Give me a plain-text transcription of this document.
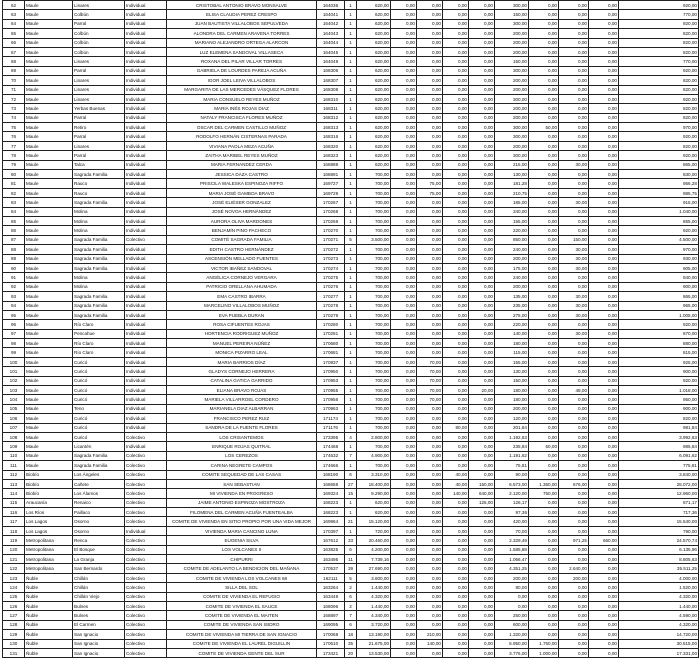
62	Maule	Linares	Individual	CRISTOBAL ANTONIO BRAVO MONSALVE	164036	1	620,00	0,00	0,00	0,00	0,00	300,00	0,00	0,00	0,00	920,00
63	Maule	Colbún	Individual	ELISA CLAUDIA PEREZ CRESPO	164041	1	620,00	0,00	0,00	0,00	0,00	150,00	0,00	0,00	0,00	770,00
64	Maule	Parral	Individual	JUAN BAUTISTA VILLALOBOS SEPULVEDA	164042	1	620,00	0,00	0,00	0,00	0,00	300,00	0,00	0,00	0,00	920,00
65	Maule	Colbún	Individual	ALONDRA DEL CARMEN ARAVENA TORRES	164043	1	620,00	0,00	0,00	0,00	0,00	200,00	0,00	0,00	0,00	820,00
66	Maule	Colbún	Individual	MARIANO ALEJANDRO ORTEGA ALARCON	164044	1	620,00	0,00	0,00	0,00	0,00	200,00	0,00	0,00	0,00	820,00
67	Maule	Colbún	Individual	LUZ ELEMENA SANDOVAL VILLASECA	164045	1	620,00	0,00	0,00	0,00	0,00	200,00	0,00	0,00	0,00	820,00
68	Maule	Linares	Individual	ROXANA DEL PILAR VILLAR TORRES	164049	1	620,00	0,00	0,00	0,00	0,00	150,00	0,00	0,00	0,00	770,00
69	Maule	Parral	Individual	GABRIELA DE LOURDES PAREJA ACUÑA	168306	1	620,00	0,00	0,00	0,00	0,00	300,00	0,00	0,00	0,00	920,00
70	Maule	Linares	Individual	IGOR JOEL LEIVA VILLALOBOS	168307	1	620,00	0,00	0,00	0,00	0,00	200,00	0,00	0,00	0,00	820,00
71	Maule	Linares	Individual	MARGARITA DE LAS MERCEDES VÁSQUEZ FLORES	168308	1	620,00	0,00	0,00	0,00	0,00	200,00	0,00	0,00	0,00	820,00
72	Maule	Linares	Individual	MARIA CONSUELO REYES MUÑOZ	168310	1	620,00	0,00	0,00	0,00	0,00	300,00	0,00	0,00	0,00	920,00
73	Maule	Yerbas Buenas	Individual	MARIA INÉS ROJAS DIAZ	168311	1	620,00	0,00	0,00	0,00	0,00	200,00	0,00	0,00	0,00	820,00
74	Maule	Parral	Individual	NATALY FRANCISCA FLORES MUÑOZ	168312	1	620,00	0,00	0,00	0,00	0,00	200,00	0,00	0,00	0,00	820,00
75	Maule	Retiro	Individual	OSCAR DEL CARMEN CASTILLO MUÑOZ	168313	1	620,00	0,00	0,00	0,00	0,00	300,00	50,00	0,00	0,00	970,00
76	Maule	Parral	Individual	RODOLFO HERNÁN CISTERNAS PARADA	168316	1	620,00	0,00	0,00	0,00	0,00	300,00	0,00	0,00	0,00	920,00
77	Maule	Linares	Individual	VIVIANA PAOLA MEZA ACUÑA	168320	1	620,00	0,00	0,00	0,00	0,00	200,00	0,00	0,00	0,00	820,00
78	Maule	Parral	Individual	ZAITHA MARIBEL REYES MUÑOZ	168323	1	620,00	0,00	0,00	0,00	0,00	300,00	0,00	0,00	0,00	920,00
79	Maule	Talca	Individual	MARIA FERNANDEZ CERDA	168889	1	620,00	0,00	0,00	0,00	0,00	215,00	0,00	30,00	0,00	865,00
80	Maule	Sagrada Familia	Individual	JESSICA DAZA CASTRO	168891	1	700,00	0,00	0,00	0,00	0,00	130,00	0,00	0,00	0,00	830,00
81	Maule	Rauco	Individual	PRISCILA WALESKA ESPINOZA RIFFO	169727	1	700,00	0,00	75,00	0,00	0,00	181,28	0,00	0,00	0,00	956,28
82	Maule	Rauco	Individual	MARIA JOSÉ GAMBOA BRAVO	169729	1	700,00	0,00	75,00	0,00	0,00	210,75	0,00	0,00	0,00	985,75
83	Maule	Sagrada Familia	Individual	JOSÉ ELIÉSER GONZALEZ	170267	1	700,00	0,00	0,00	0,00	0,00	185,00	0,00	30,00	0,00	915,00
84	Maule	Molina	Individual	JOSÉ NOVOA HERNÁNDEZ	170268	1	700,00	0,00	0,00	0,00	0,00	340,00	0,00	0,00	0,00	1.040,00
85	Maule	Molina	Individual	AURORA OLIVA MARDONES	170269	1	700,00	0,00	0,00	0,00	0,00	155,00	0,00	0,00	0,00	855,00
86	Maule	Molina	Individual	BENJAMÍN PINO PACHECO	170270	1	700,00	0,00	0,00	0,00	0,00	220,00	0,00	0,00	0,00	920,00
87	Maule	Sagrada Familia	Colectivo	COMITÉ SAGRADA FAMILIA	170271	5	3.500,00	0,00	0,00	0,00	0,00	850,00	0,00	150,00	0,00	4.500,00
88	Maule	Sagrada Familia	Individual	EDITH CASTRO HERNÁNDEZ	170272	1	700,00	0,00	0,00	0,00	0,00	240,00	0,00	30,00	0,00	970,00
89	Maule	Sagrada Familia	Individual	ASCENSIÓN MELLADO FUENTES	170273	1	700,00	0,00	0,00	0,00	0,00	200,00	0,00	30,00	0,00	930,00
90	Maule	Sagrada Familia	Individual	VICTOR IBAÑEZ SANDOVAL	170274	1	700,00	0,00	0,00	0,00	0,00	175,00	0,00	30,00	0,00	905,00
91	Maule	Molina	Individual	ANGÉLICA CORNEJO VERGARA	170275	1	700,00	0,00	0,00	0,00	0,00	240,00	0,00	0,00	0,00	940,00
92	Maule	Molina	Individual	PATRICIO ORELLANA AHUMADA	170276	1	700,00	0,00	0,00	0,00	0,00	200,00	0,00	0,00	0,00	900,00
93	Maule	Sagrada Familia	Individual	EMA CASTRO IBARRA	170277	1	700,00	0,00	0,00	0,00	0,00	135,00	0,00	30,00	0,00	865,00
94	Maule	Sagrada Familia	Individual	MARCELINO VILLALOBOS MUÑOZ	170278	1	700,00	0,00	0,00	0,00	0,00	235,00	0,00	30,00	0,00	965,00
95	Maule	Sagrada Familia	Individual	EVA PUEBLA DURAN	170279	1	700,00	0,00	0,00	0,00	0,00	275,00	0,00	30,00	0,00	1.005,00
96	Maule	Río Claro	Individual	ROSA CIFUENTES ROJAS	170280	1	700,00	0,00	0,00	0,00	0,00	220,00	0,00	0,00	0,00	920,00
97	Maule	Pencahue	Individual	HORTENCIA RODRIGUEZ MUÑOZ	170281	1	700,00	0,00	0,00	0,00	0,00	140,00	0,00	30,00	0,00	870,00
98	Maule	Río Claro	Individual	MANUEL PEREIRA NÚÑEZ	170680	1	700,00	0,00	0,00	0,00	0,00	180,00	0,00	0,00	0,00	880,00
99	Maule	Río Claro	Individual	MONICA PIZARRO LEAL	170681	1	700,00	0,00	0,00	0,00	0,00	115,00	0,00	0,00	0,00	815,00
100	Maule	Curicó	Individual	MARIA BARRIOS DÍAZ	170937	1	700,00	0,00	70,00	0,00	0,00	155,00	0,00	0,00	0,00	925,00
101	Maule	Curicó	Individual	GLADYS CORNEJO HERRERA	170950	1	700,00	0,00	70,00	0,00	0,00	130,00	0,00	0,00	0,00	900,00
102	Maule	Curicó	Individual	CATALINA GATICA GARRIDO	170953	1	700,00	0,00	70,00	0,00	0,00	150,00	0,00	0,00	0,00	920,00
103	Maule	Curicó	Individual	ELIANA BRAVO ROJAS	170955	1	700,00	0,00	70,00	0,00	20,00	180,00	0,00	48,00	0,00	1.018,00
104	Maule	Curicó	Individual	MARIELA VILLARROEL CORDERO	170956	1	700,00	0,00	70,00	0,00	0,00	180,00	0,00	0,00	0,00	950,00
105	Maule	Teno	Individual	MARIANELA DIAZ ALBARRAN	170963	1	700,00	0,00	0,00	0,00	0,00	200,00	0,00	0,00	0,00	900,00
106	Maule	Curicó	Individual	FRANCISCO PEREZ RUIZ	171174	1	700,00	0,00	0,00	0,00	0,00	120,00	0,00	0,00	0,00	820,00
107	Maule	Curicó	Individual	SANDRA DE LA FUENTE FLORES	171176	1	700,00	0,00	0,00	80,00	0,00	201,84	0,00	0,00	0,00	981,84
108	Maule	Curicó	Colectivo	LOS CRISANTEMOS	173395	4	2.800,00	0,00	0,00	0,00	0,00	1.192,63	0,00	0,00	0,00	3.992,63
109	Maule	Licantén	Individual	ENRIQUE ROJAS QUITRAL	174468	1	700,00	0,00	0,00	0,00	0,00	235,84	50,00	0,00	0,00	985,84
110	Maule	Sagrada Familia	Colectivo	LOS CEREZOS	174632	7	4.900,00	0,00	0,00	0,00	0,00	1.191,62	0,00	0,00	0,00	6.091,62
111	Maule	Sagrada Familia	Colectivo	CARINA NEGRETE CAMPOS	174666	1	700,00	0,00	0,00	0,00	0,00	75,81	0,00	0,00	0,00	775,81
112	Biobío	Los Ángeles	Colectivo	COMITE SEQUEDAD DE LAS CASAS	168190	6	3.310,00	0,00	0,00	40,00	0,00	90,00	0,00	0,00	0,00	3.840,00
113	Biobío	Cañete	Colectivo	SAN SEBASTIAN	168658	27	18.400,00	0,00	0,00	40,00	150,00	6.573,00	1.350,00	676,00	0,00	28.072,00
114	Biobío	Los Álamos	Colectivo	MI VIVIENDA EN PROGRESO	169324	15	9.290,00	0,00	0,00	140,00	640,00	2.120,00	750,00	0,00	0,00	12.960,00
115	Araucanía	Renaico	Colectivo	JAIME ANTONIO ESPINOZA MOSTROZA	168223	1	620,00	0,00	0,00	0,00	125,00	126,17	0,00	0,00	0,00	871,17
116	Los Ríos	Paillaco	Colectivo	FILOMENA DEL CARMEN ACUÑA FUENTEALBA	168223	1	620,00	0,00	0,00	0,00	0,00	97,36	0,00	0,00	0,00	717,36
117	Los Lagos	Osorno	Colectivo	COMITE DE VIVIENDA EN SITIO PROPIO POR UNA VIDA MEJOR	169964	21	15.120,00	0,00	0,00	0,00	0,00	420,00	0,00	0,00	0,00	15.540,00
118	Los Lagos	Osorno	Individual	VIVIENDA MARIA CANCINO LUNA	170397	1	720,00	0,00	0,00	0,00	0,00	70,00	0,00	0,00	0,00	790,00
119	Metropolitana	Renca	Colectivo	EUGENIA SILVA	167612	33	20.460,00	0,00	0,00	0,00	0,00	2.329,49	0,00	971,25	660,00	24.570,74
120	Metropolitana	El Bosque	Colectivo	LOS VOLCANES II	163825	6	4.200,00	0,00	0,00	0,00	0,00	1.585,88	0,00	0,00	0,00	6.135,96
121	Metropolitana	La Granja	Colectivo	CHIPURRI	163495	11	7.739,16	0,00	0,00	0,00	0,00	1.066,47	0,00	0,00	0,00	8.805,63
122	Metropolitana	San Bernardo	Colectivo	COMITE DE ADELANTO LA BENDICION DEL MAÑANA	170537	39	27.690,00	0,00	0,00	0,00	0,00	4.351,25	0,00	2.640,00	0,00	35.511,25
123	Ñuble	Chillán	Colectivo	COMITE DE VIVIENDA LOS VOLCANES 68	162111	5	3.600,00	0,00	0,00	0,00	0,00	200,00	0,00	200,00	0,00	4.000,00
124	Ñuble	Chillán	Colectivo	SILLA DEL SOL	163264	2	1.440,00	0,00	0,00	0,00	0,00	80,00	0,00	0,00	0,00	1.520,00
125	Ñuble	Chillán Viejo	Colectivo	COMITE DE VIVIENDA EL REFUGIO	163449	6	4.320,00	0,00	0,00	0,00	0,00	0,00	0,00	0,00	0,00	4.320,00
126	Ñuble	Bulnes	Colectivo	COMITE DE VIVIENDA EL SAUCE	168096	2	1.440,00	0,00	0,00	0,00	0,00	0,00	0,00	0,00	0,00	1.440,00
127	Ñuble	Bulnes	Colectivo	COMITE DE VIVIENDA EL MAITEN	168897	7	4.340,00	0,00	0,00	0,00	0,00	250,00	0,00	0,00	0,00	4.590,00
128	Ñuble	El Carmen	Colectivo	COMITE DE VIVIENDA SAN ISIDRO	169095	6	3.720,00	0,00	0,00	0,00	0,00	600,00	0,00	0,00	0,00	4.320,00
129	Ñuble	San Ignacio	Colectivo	COMITE DE VIVIENDA MI TIERRA DE SAN IGNACIO	170068	18	13.190,00	0,00	210,00	0,00	0,00	1.320,00	0,00	0,00	0,00	14.720,00
130	Ñuble	San Ignacio	Colectivo	COMITE DE VIVIENDA EL LAUREL DIGUILLIN	170610	35	21.675,00	0,00	140,00	0,00	0,00	6.950,00	1.750,00	0,00	0,00	30.515,00
131	Ñuble	San Ignacio	Colectivo	COMITE DE VIVIENDA GENTE DEL SUR	173421	20	13.530,00	0,00	0,00	0,00	0,00	3.776,00	1.000,00	0,00	0,00	17.331,00
